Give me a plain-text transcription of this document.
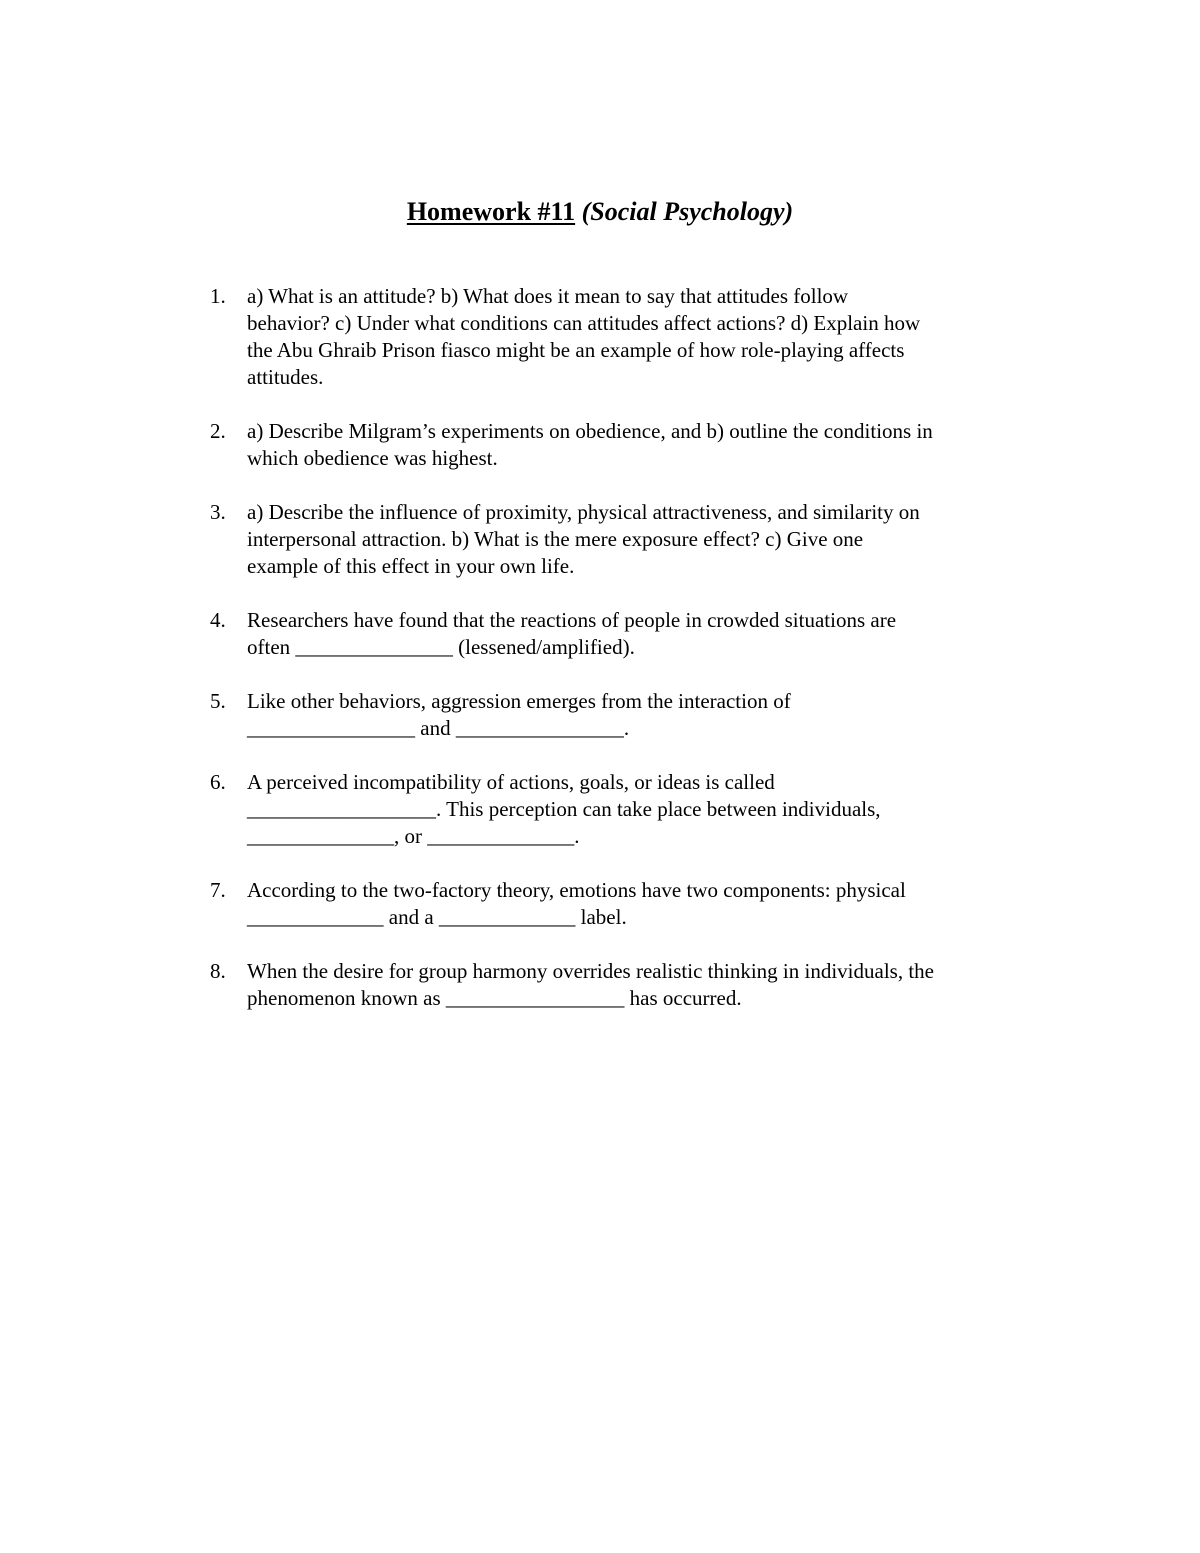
Homework #11 (Social Psychology)
1. a) What is an attitude? b) What does it mean to say that attitudes follow
behavior? c) Under what conditions can attitudes affect actions? d) Explain how
the Abu Ghraib Prison fiasco might be an example of how role-playing affects
attitudes.
2. a) Describe Milgram’s experiments on obedience, and b) outline the conditions in
which obedience was highest.
3. a) Describe the influence of proximity, physical attractiveness, and similarity on
interpersonal attraction. b) What is the mere exposure effect? c) Give one
example of this effect in your own life.
4. Researchers have found that the reactions of people in crowded situations are
often _______________ (lessened/amplified).
5. Like other behaviors, aggression emerges from the interaction of
________________ and ________________.
6. A perceived incompatibility of actions, goals, or ideas is called
__________________. This perception can take place between individuals,
______________, or ______________.
7. According to the two-factory theory, emotions have two components: physical
_____________ and a _____________ label.
8. When the desire for group harmony overrides realistic thinking in individuals, the
phenomenon known as _________________ has occurred.
